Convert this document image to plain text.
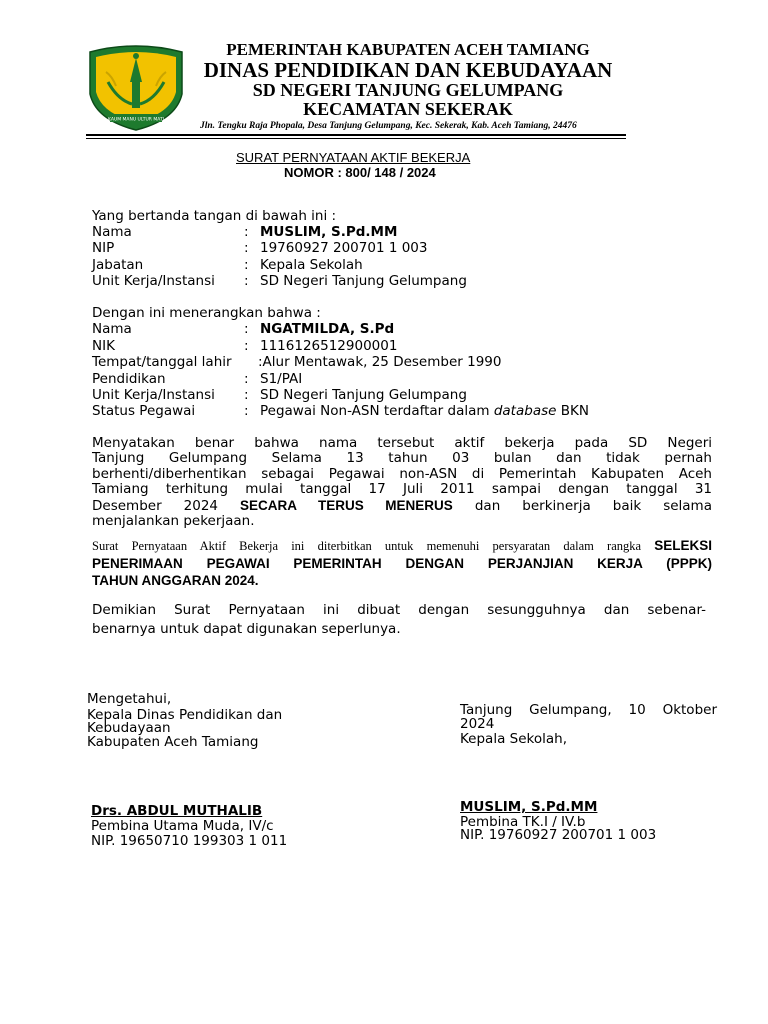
KAUM MANU ULTUR MATI
PEMERINTAH KABUPATEN ACEH TAMIANG
DINAS PENDIDIKAN DAN KEBUDAYAAN
SD NEGERI TANJUNG GELUMPANG
KECAMATAN SEKERAK
Jln. Tengku Raja Phopala, Desa Tanjung Gelumpang, Kec. Sekerak, Kab. Aceh Tamiang, 24476
SURAT PERNYATAAN AKTIF BEKERJA
NOMOR : 800/ 148 / 2024
Yang bertanda tangan di bawah ini :
Nama	: MUSLIM, S.Pd.MM
NIP	: 19760927 200701 1 003
Jabatan	: Kepala Sekolah
Unit Kerja/Instansi : SD Negeri Tanjung Gelumpang
Dengan ini menerangkan bahwa :
Nama	: NGATMILDA, S.Pd
NIK	: 1116126512900001
Tempat/tanggal lahir :Alur Mentawak, 25 Desember 1990
Pendidikan	: S1/PAI
Unit Kerja/Instansi : SD Negeri Tanjung Gelumpang
Status Pegawai	: Pegawai Non-ASN terdaftar dalam database BKN
Menyatakan benar bahwa nama tersebut aktif bekerja pada SD Negeri
Tanjung Gelumpang Selama 13 tahun 03 bulan dan tidak pernah
berhenti/diberhentikan sebagai Pegawai non-ASN di Pemerintah Kabupaten Aceh
Tamiang terhitung mulai tanggal 17 Juli 2011 sampai dengan tanggal 31
Desember 2024 SECARA TERUS MENERUS dan berkinerja baik selama
menjalankan pekerjaan.
Surat Pernyataan Aktif Bekerja ini diterbitkan untuk memenuhi persyaratan dalam rangka SELEKSI
PENERIMAAN PEGAWAI PEMERINTAH DENGAN PERJANJIAN KERJA (PPPK)
TAHUN ANGGARAN 2024.
Demikian Surat Pernyataan ini dibuat dengan sesungguhnya dan sebenar-
benarnya untuk dapat digunakan seperlunya.
Mengetahui,
Kepala Dinas Pendidikan dan
Kebudayaan
Kabupaten Aceh Tamiang
Drs. ABDUL MUTHALIB
Pembina Utama Muda, IV/c
NIP. 19650710 199303 1 011
Tanjung Gelumpang, 10 Oktober
2024
Kepala Sekolah,
MUSLIM, S.Pd.MM
Pembina TK.I / IV.b
NIP. 19760927 200701 1 003
